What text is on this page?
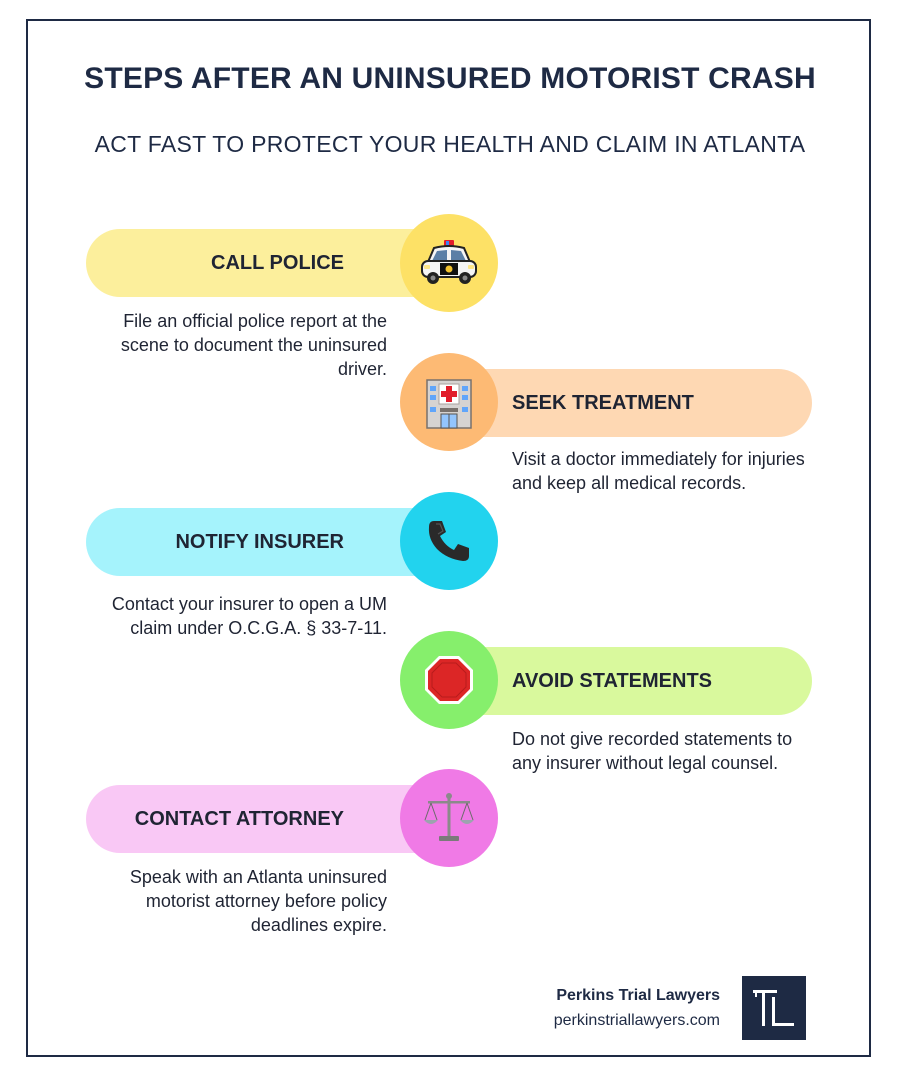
STEPS AFTER AN UNINSURED MOTORIST CRASH
ACT FAST TO PROTECT YOUR HEALTH AND CLAIM IN ATLANTA
CALL POLICE
File an official police report at the scene to document the uninsured driver.
SEEK TREATMENT
Visit a doctor immediately for injuries and keep all medical records.
NOTIFY INSURER
Contact your insurer to open a UM claim under O.C.G.A. § 33-7-11.
AVOID STATEMENTS
Do not give recorded statements to any insurer without legal counsel.
CONTACT ATTORNEY
Speak with an Atlanta uninsured motorist attorney before policy deadlines expire.
Perkins Trial Lawyers
perkinstriallawyers.com
